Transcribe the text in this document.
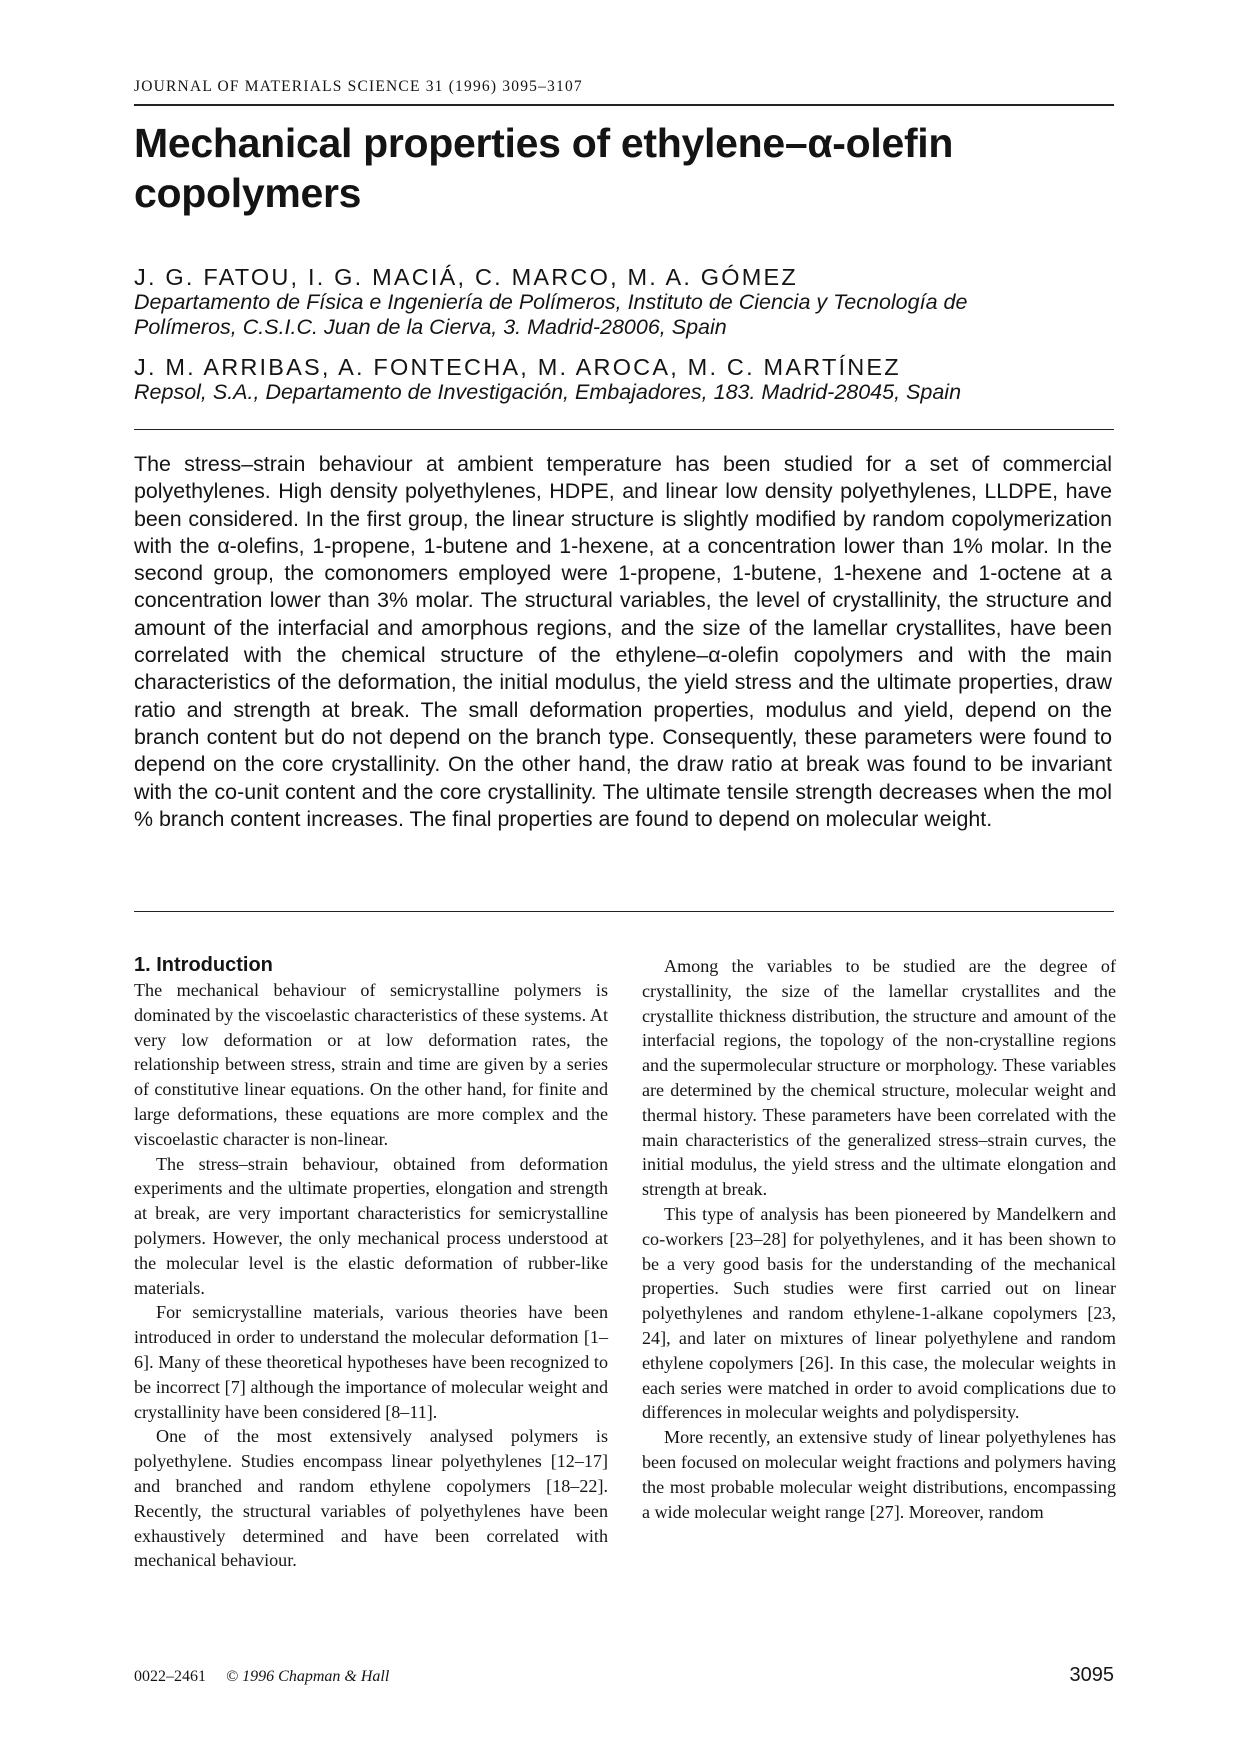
JOURNAL OF MATERIALS SCIENCE 31 (1996) 3095–3107
Mechanical properties of ethylene–α-olefin
copolymers
J. G. FATOU, I. G. MACIÁ, C. MARCO, M. A. GÓMEZ
Departamento de Física e Ingeniería de Polímeros, Instituto de Ciencia y Tecnología de
Polímeros, C.S.I.C. Juan de la Cierva, 3. Madrid-28006, Spain
J. M. ARRIBAS, A. FONTECHA, M. AROCA, M. C. MARTÍNEZ
Repsol, S.A., Departamento de Investigación, Embajadores, 183. Madrid-28045, Spain

The stress–strain behaviour at ambient temperature has been studied for a set of commercial polyethylenes. High density polyethylenes, HDPE, and linear low density polyethylenes, LLDPE, have been considered. In the first group, the linear structure is slightly modified by random copolymerization with the α-olefins, 1-propene, 1-butene and 1-hexene, at a concentration lower than 1% molar. In the second group, the comonomers employed were 1-propene, 1-butene, 1-hexene and 1-octene at a concentration lower than 3% molar. The structural variables, the level of crystallinity, the structure and amount of the interfacial and amorphous regions, and the size of the lamellar crystallites, have been correlated with the chemical structure of the ethylene–α-olefin copolymers and with the main characteristics of the deformation, the initial modulus, the yield stress and the ultimate properties, draw ratio and strength at break. The small deformation properties, modulus and yield, depend on the branch content but do not depend on the branch type. Consequently, these parameters were found to depend on the core crystallinity. On the other hand, the draw ratio at break was found to be invariant with the co-unit content and the core crystallinity. The ultimate tensile strength decreases when the mol % branch content increases. The final properties are found to depend on molecular weight.

1. Introduction

The mechanical behaviour of semicrystalline polymers is dominated by the viscoelastic characteristics of these systems. At very low deformation or at low deformation rates, the relationship between stress, strain and time are given by a series of constitutive linear equations. On the other hand, for finite and large deformations, these equations are more complex and the viscoelastic character is non-linear.

The stress–strain behaviour, obtained from deformation experiments and the ultimate properties, elongation and strength at break, are very important characteristics for semicrystalline polymers. However, the only mechanical process understood at the molecular level is the elastic deformation of rubber-like materials.

For semicrystalline materials, various theories have been introduced in order to understand the molecular deformation [1–6]. Many of these theoretical hypotheses have been recognized to be incorrect [7] although the importance of molecular weight and crystallinity have been considered [8–11].

One of the most extensively analysed polymers is polyethylene. Studies encompass linear polyethylenes [12–17] and branched and random ethylene copolymers [18–22]. Recently, the structural variables of polyethylenes have been exhaustively determined and have been correlated with mechanical behaviour.

Among the variables to be studied are the degree of crystallinity, the size of the lamellar crystallites and the crystallite thickness distribution, the structure and amount of the interfacial regions, the topology of the non-crystalline regions and the supermolecular structure or morphology. These variables are determined by the chemical structure, molecular weight and thermal history. These parameters have been correlated with the main characteristics of the generalized stress–strain curves, the initial modulus, the yield stress and the ultimate elongation and strength at break.

This type of analysis has been pioneered by Mandelkern and co-workers [23–28] for polyethylenes, and it has been shown to be a very good basis for the understanding of the mechanical properties. Such studies were first carried out on linear polyethylenes and random ethylene-1-alkane copolymers [23, 24], and later on mixtures of linear polyethylene and random ethylene copolymers [26]. In this case, the molecular weights in each series were matched in order to avoid complications due to differences in molecular weights and polydispersity.

More recently, an extensive study of linear polyethylenes has been focused on molecular weight fractions and polymers having the most probable molecular weight distributions, encompassing a wide molecular weight range [27]. Moreover, random

0022–2461 © 1996 Chapman & Hall	3095
